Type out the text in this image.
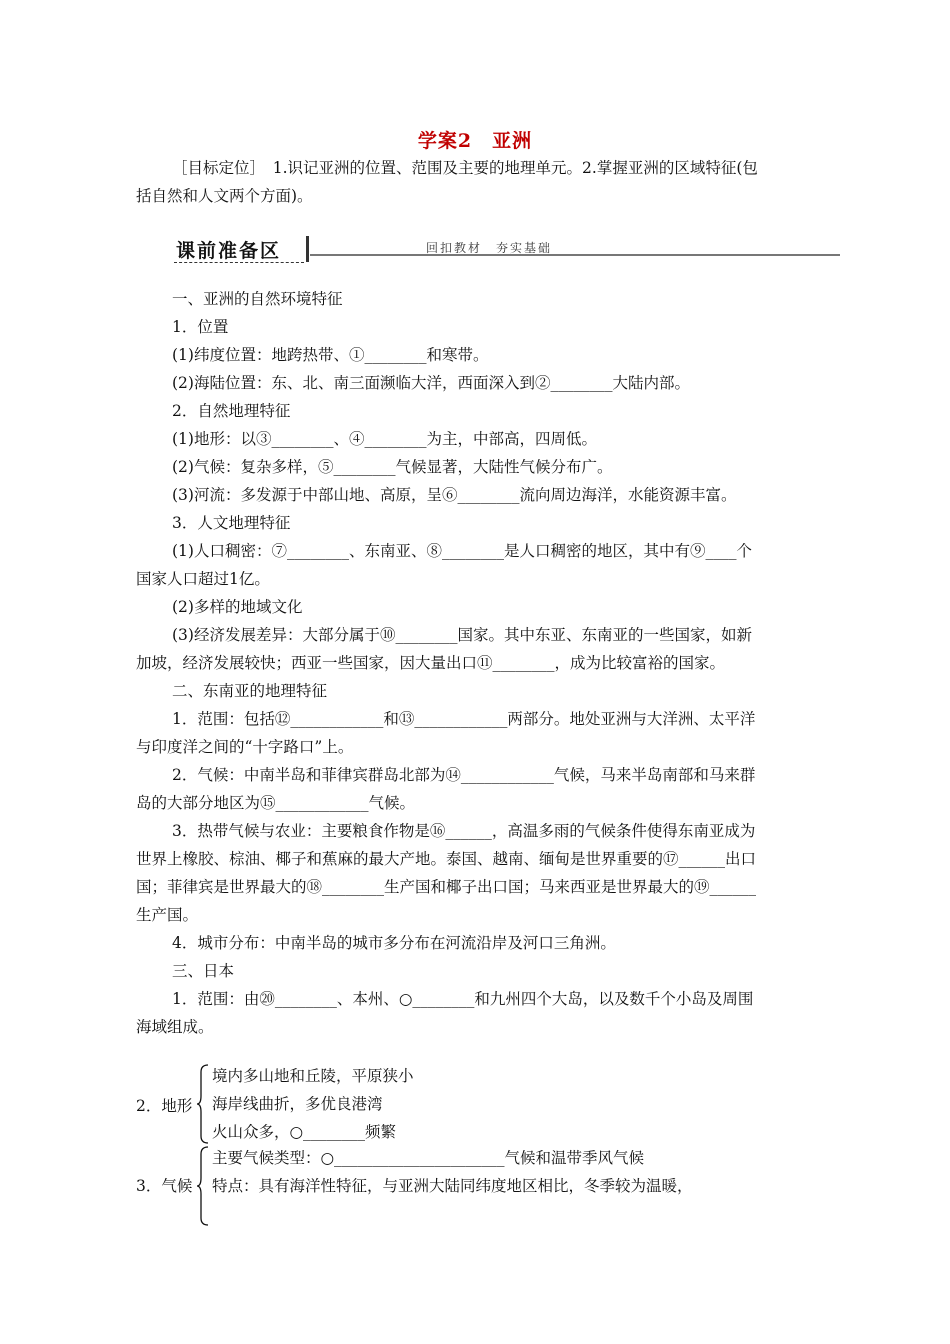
学案2　亚洲
［目标定位］　1.识记亚洲的位置、范围及主要的地理单元。2.掌握亚洲的区域特征(包
括自然和人文两个方面)。
课前准备区	回扣教材　夯实基础
一、亚洲的自然环境特征
1．位置
(1)纬度位置：地跨热带、①________和寒带。
(2)海陆位置：东、北、南三面濒临大洋，西面深入到②________大陆内部。
2．自然地理特征
(1)地形：以③________、④________为主，中部高，四周低。
(2)气候：复杂多样，⑤________气候显著，大陆性气候分布广。
(3)河流：多发源于中部山地、高原，呈⑥________流向周边海洋，水能资源丰富。
3．人文地理特征
(1)人口稠密：⑦________、东南亚、⑧________是人口稠密的地区，其中有⑨____个
国家人口超过1亿。
(2)多样的地域文化
(3)经济发展差异：大部分属于⑩________国家。其中东亚、东南亚的一些国家，如新
加坡，经济发展较快；西亚一些国家，因大量出口⑪________，成为比较富裕的国家。
二、东南亚的地理特征
1．范围：包括⑫____________和⑬____________两部分。地处亚洲与大洋洲、太平洋
与印度洋之间的“十字路口”上。
2．气候：中南半岛和菲律宾群岛北部为⑭____________气候，马来半岛南部和马来群
岛的大部分地区为⑮____________气候。
3．热带气候与农业：主要粮食作物是⑯______，高温多雨的气候条件使得东南亚成为
世界上橡胶、棕油、椰子和蕉麻的最大产地。泰国、越南、缅甸是世界重要的⑰______出口
国；菲律宾是世界最大的⑱________生产国和椰子出口国；马来西亚是世界最大的⑲______
生产国。
4．城市分布：中南半岛的城市多分布在河流沿岸及河口三角洲。
三、日本
1．范围：由⑳________、本州、○________和九州四个大岛，以及数千个小岛及周围
海域组成。
2．地形
境内多山地和丘陵，平原狭小
海岸线曲折，多优良港湾
火山众多，○________频繁
3．气候
主要气候类型：○______________________气候和温带季风气候
特点：具有海洋性特征，与亚洲大陆同纬度地区相比，冬季较为温暖，
